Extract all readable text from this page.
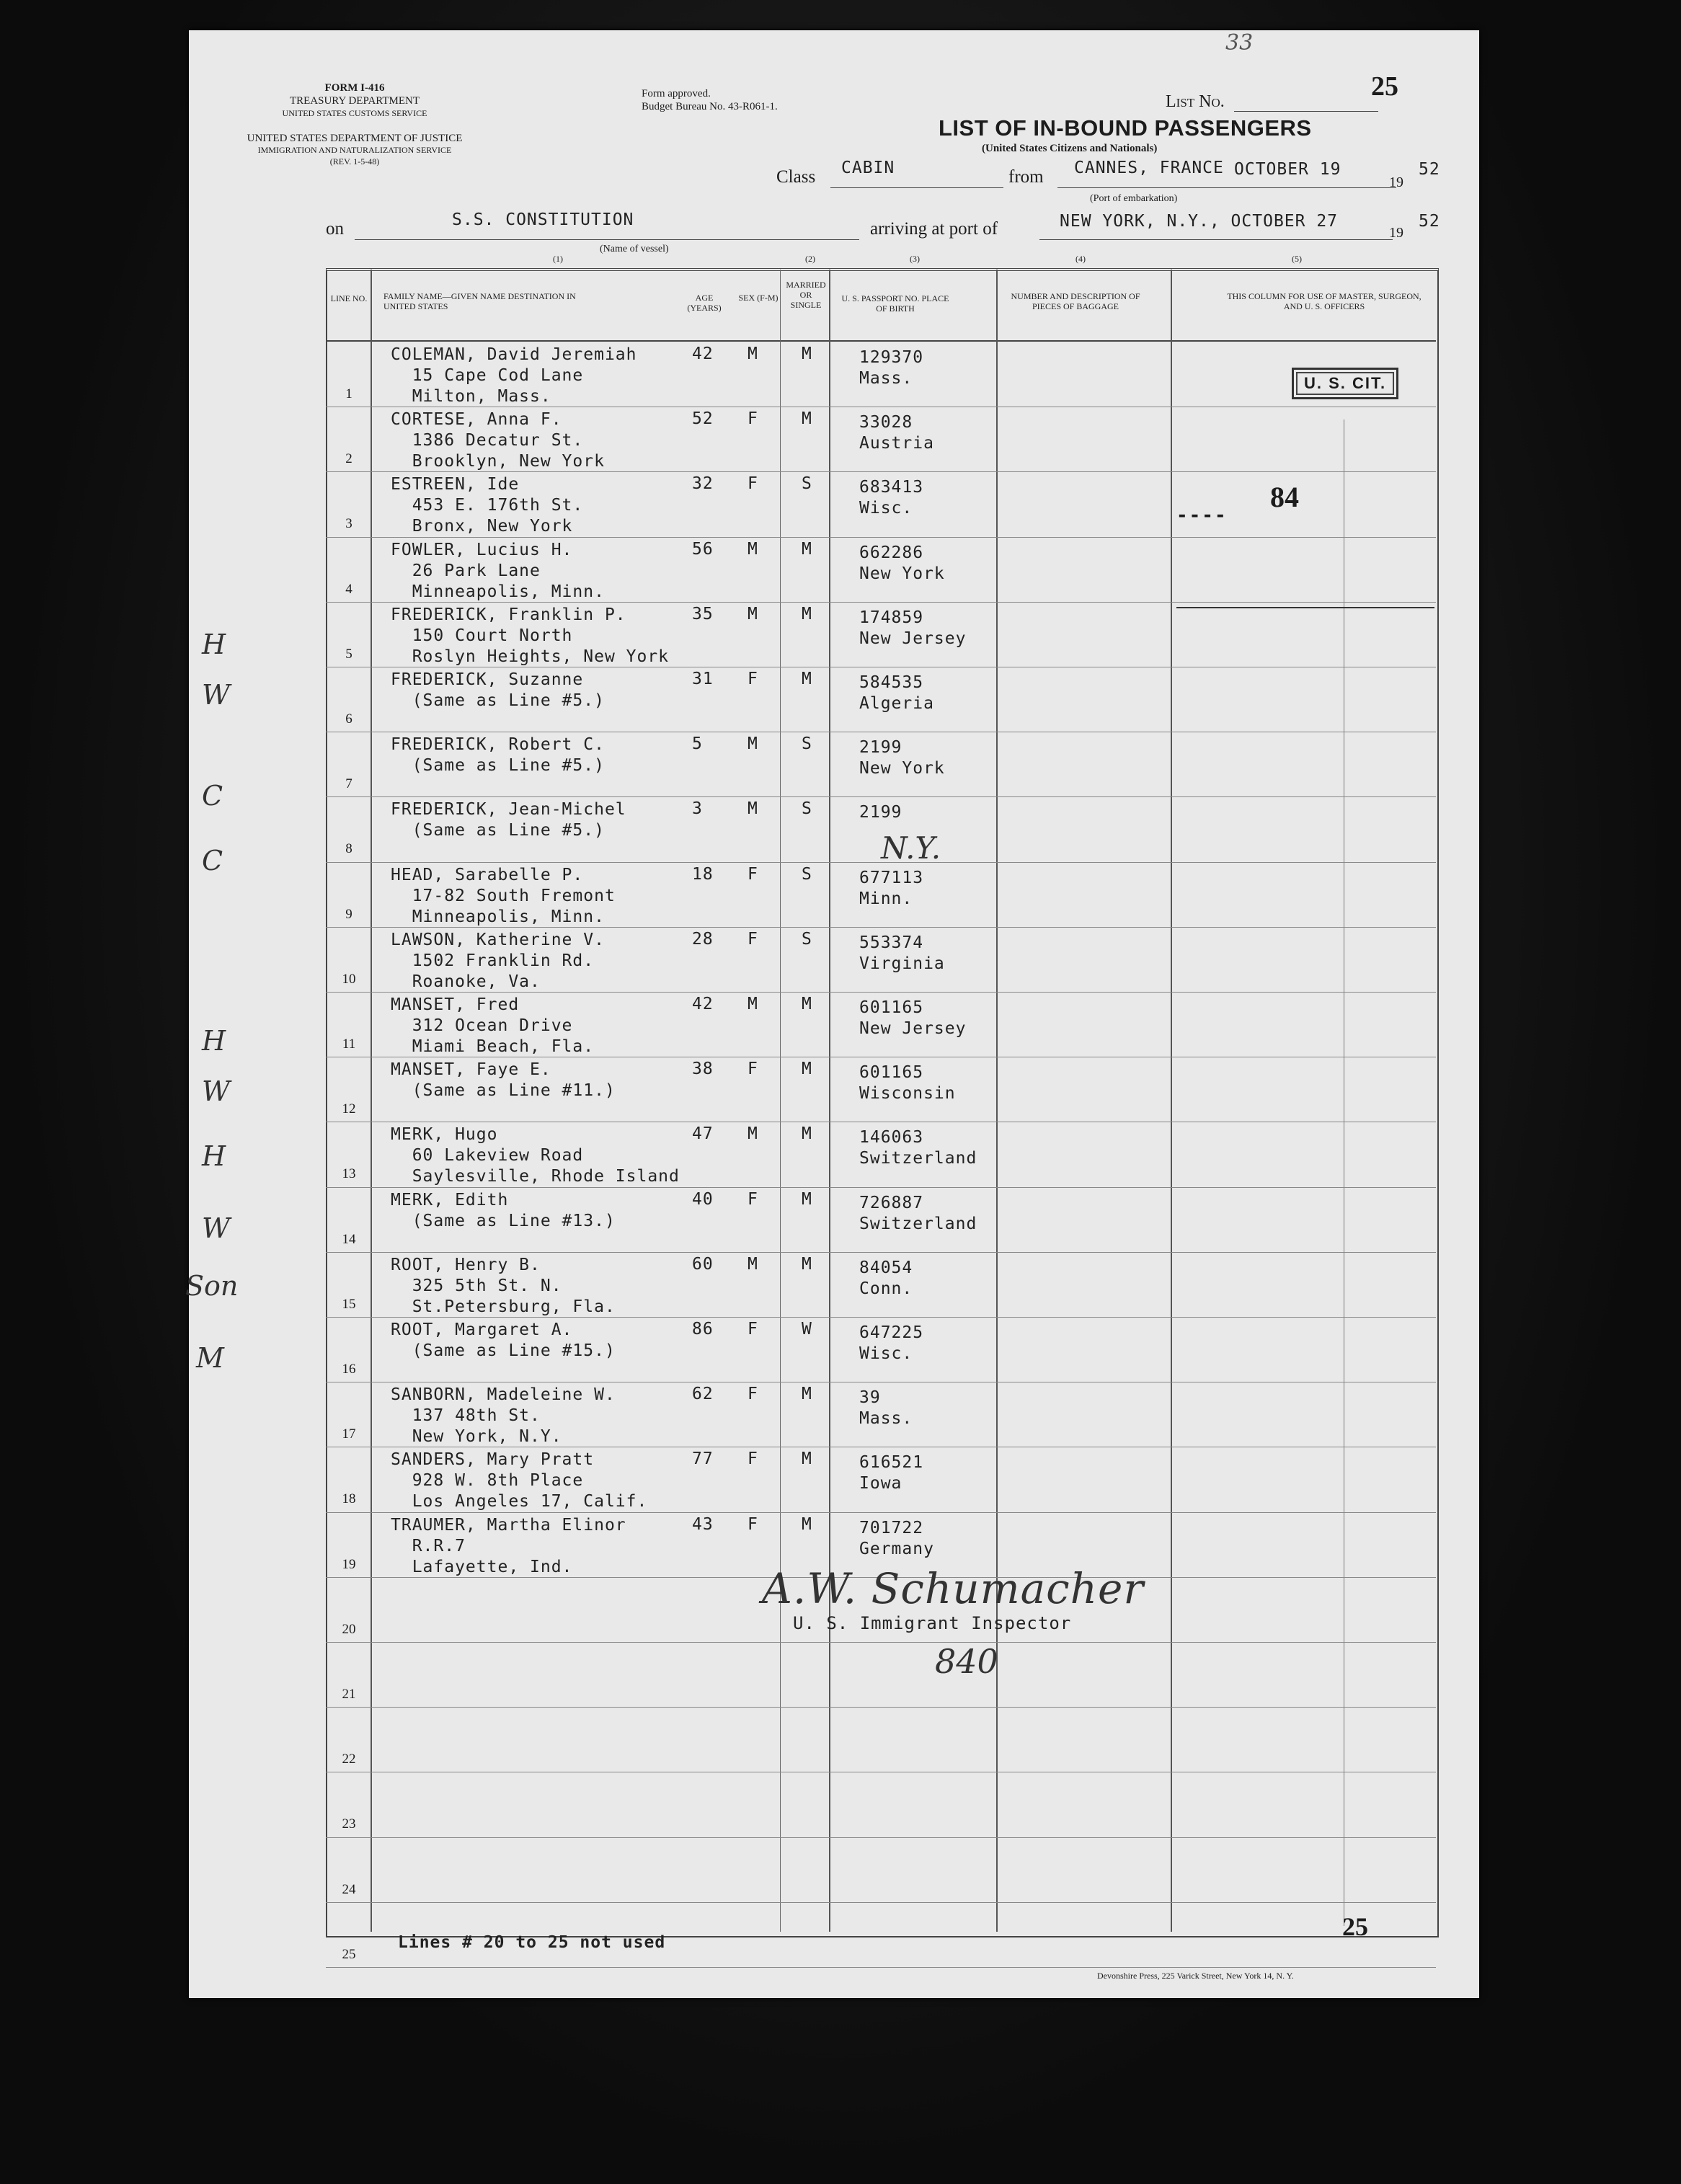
FORM I-416
TREASURY DEPARTMENT
UNITED STATES CUSTOMS SERVICE
UNITED STATES DEPARTMENT OF JUSTICE
IMMIGRATION AND NATURALIZATION SERVICE
(REV. 1-5-48)
Form approved.
Budget Bureau No. 43-R061-1.
33
List No.	25
LIST OF IN-BOUND PASSENGERS
(United States Citizens and Nationals)
Class CABIN	from CANNES, FRANCE
(Port of embarkation)
OCTOBER 19
19
52
on	S.S. CONSTITUTION
(Name of vessel)
arriving at port of	NEW YORK, N.Y., OCTOBER 27
19
52
(1)	(2)	(3)	(4)	(5)
LINE NO.	FAMILY NAME—GIVEN NAME DESTINATION IN UNITED STATES
AGE (YEARS)
SEX (F-M)
MARRIED OR SINGLE
U. S. PASSPORT NO. PLACE OF BIRTH
NUMBER AND DESCRIPTION OF PIECES OF BAGGAGE
THIS COLUMN FOR USE OF MASTER, SURGEON, AND U. S. OFFICERS
1
COLEMAN, David Jeremiah
15 Cape Cod Lane
Milton, Mass.
42 M	M	129370
Mass.
2
CORTESE, Anna F.
1386 Decatur St.
Brooklyn, New York
52 F	M	33028
Austria
3
ESTREEN, Ide
453 E. 176th St.
Bronx, New York
32 F	S	683413
Wisc.
4
FOWLER, Lucius H.
26 Park Lane
Minneapolis, Minn.
56 M	M	662286
New York
5
FREDERICK, Franklin P.
150 Court North
Roslyn Heights, New York
35 M	M	174859
New Jersey
6
FREDERICK, Suzanne
(Same as Line #5.)
31 F	M	584535
Algeria
7
FREDERICK, Robert C.
(Same as Line #5.)
5	M	S	2199
New York
8
FREDERICK, Jean-Michel
(Same as Line #5.)
3	M	S	2199
9
HEAD, Sarabelle P.
17-82 South Fremont
Minneapolis, Minn.
18 F	S	677113
Minn.
10
LAWSON, Katherine V.
1502 Franklin Rd.
Roanoke, Va.
28 F	S	553374
Virginia
11
MANSET, Fred
312 Ocean Drive
Miami Beach, Fla.
42 M	M	601165
New Jersey
12
MANSET, Faye E.
(Same as Line #11.)
38 F	M	601165
Wisconsin
13
MERK, Hugo
60 Lakeview Road
Saylesville, Rhode Island
47 M	M	146063
Switzerland
14
MERK, Edith
(Same as Line #13.)
40 F	M	726887
Switzerland
15
ROOT, Henry B.
325 5th St. N.
St.Petersburg, Fla.
60 M	M	84054
Conn.
16
ROOT, Margaret A.
(Same as Line #15.)
86 F	W	647225
Wisc.
17
SANBORN, Madeleine W.
137 48th St.
New York, N.Y.
62 F	M	39
Mass.
18
SANDERS, Mary Pratt
928 W. 8th Place
Los Angeles 17, Calif.
77 F	M	616521
Iowa
19
TRAUMER, Martha Elinor
R.R.7
Lafayette, Ind.
43 F	M	701722
Germany
20
21
22
23
24
25
U. S. CIT.
----
84
N.Y.
H
W
C
C
H
W
H
W
Son
M
A.W. Schumacher
U. S. Immigrant Inspector
840
Lines # 20 to 25 not used
25
Devonshire Press, 225 Varick Street, New York 14, N. Y.
